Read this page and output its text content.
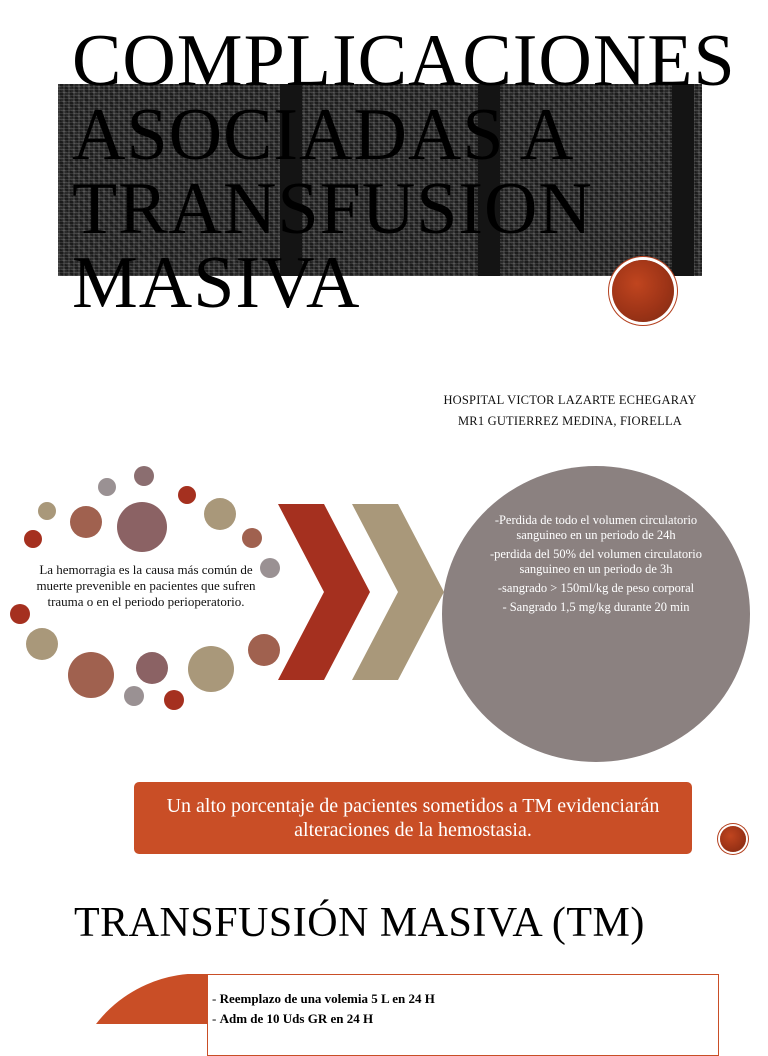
COMPLICACIONES ASOCIADAS A TRANSFUSION MASIVA
HOSPITAL VICTOR LAZARTE ECHEGARAY
MR1 GUTIERREZ MEDINA, FIORELLA
La hemorragia es la causa más común de muerte prevenible en pacientes que sufren trauma o en el periodo perioperatorio.

-Perdida de todo el volumen circulatorio sanguineo en un periodo de 24h

-perdida del 50% del volumen circulatorio sanguineo en un periodo de 3h

-sangrado > 150ml/kg de peso corporal

- Sangrado 1,5 mg/kg durante 20 min

Un alto porcentaje de pacientes sometidos a TM evidenciarán alteraciones de la hemostasia.
TRANSFUSIÓN MASIVA (TM)
- Reemplazo de una volemia 5 L en 24 H
- Adm de 10 Uds GR en 24 H
